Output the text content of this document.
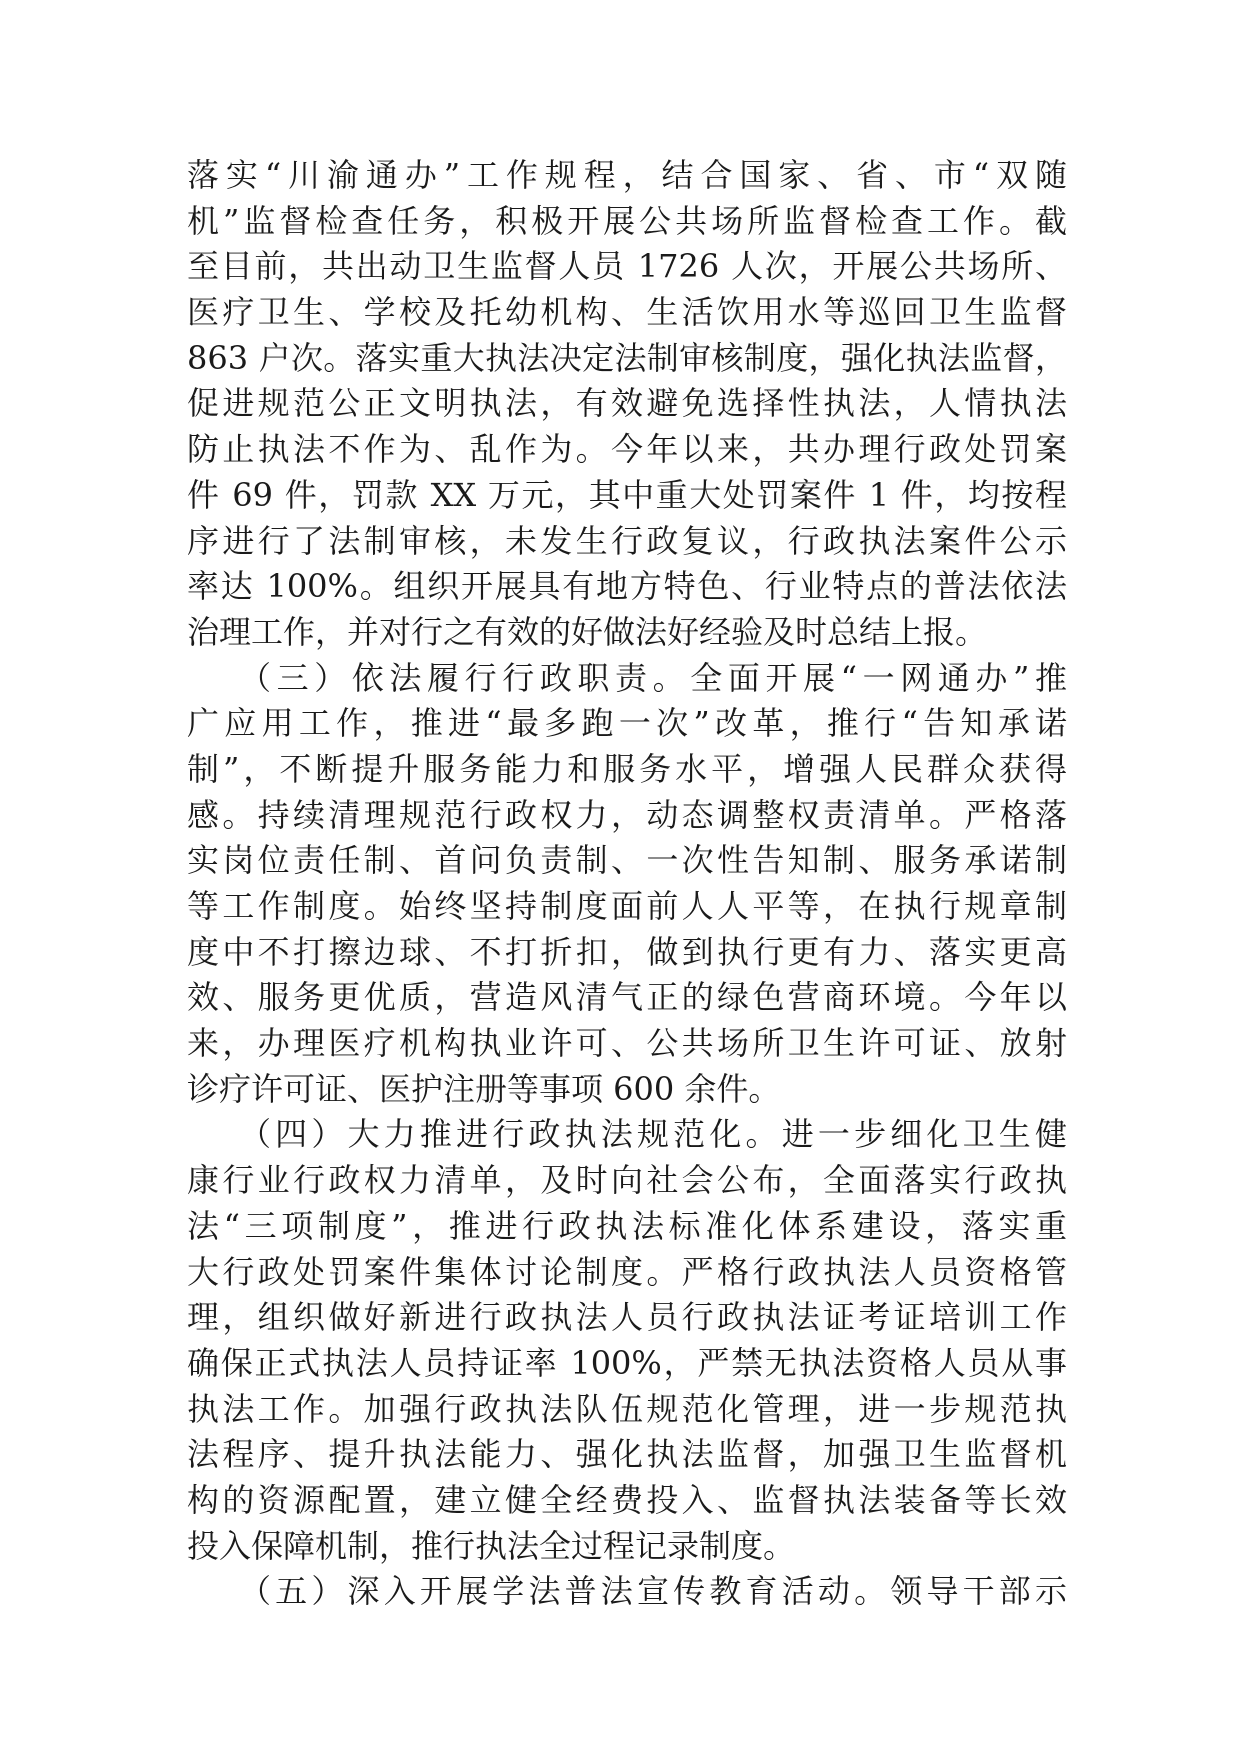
落实“川渝通办”工作规程，结合国家、省、市“双随
机”监督检查任务，积极开展公共场所监督检查工作。截
至目前，共出动卫生监督人员 1726 人次，开展公共场所、
医疗卫生、学校及托幼机构、生活饮用水等巡回卫生监督
863 户次。落实重大执法决定法制审核制度，强化执法监督，
促进规范公正文明执法，有效避免选择性执法，人情执法
防止执法不作为、乱作为。今年以来，共办理行政处罚案
件 69 件，罚款 XX 万元，其中重大处罚案件 1 件，均按程
序进行了法制审核，未发生行政复议，行政执法案件公示
率达 100%。组织开展具有地方特色、行业特点的普法依法
治理工作，并对行之有效的好做法好经验及时总结上报。
（三）依法履行行政职责。全面开展“一网通办”推
广应用工作，推进“最多跑一次”改革，推行“告知承诺
制”，不断提升服务能力和服务水平，增强人民群众获得
感。持续清理规范行政权力，动态调整权责清单。严格落
实岗位责任制、首问负责制、一次性告知制、服务承诺制
等工作制度。始终坚持制度面前人人平等，在执行规章制
度中不打擦边球、不打折扣，做到执行更有力、落实更高
效、服务更优质，营造风清气正的绿色营商环境。今年以
来，办理医疗机构执业许可、公共场所卫生许可证、放射
诊疗许可证、医护注册等事项 600 余件。
（四）大力推进行政执法规范化。进一步细化卫生健
康行业行政权力清单，及时向社会公布，全面落实行政执
法“三项制度”，推进行政执法标准化体系建设，落实重
大行政处罚案件集体讨论制度。严格行政执法人员资格管
理，组织做好新进行政执法人员行政执法证考证培训工作
确保正式执法人员持证率 100%，严禁无执法资格人员从事
执法工作。加强行政执法队伍规范化管理，进一步规范执
法程序、提升执法能力、强化执法监督，加强卫生监督机
构的资源配置，建立健全经费投入、监督执法装备等长效
投入保障机制，推行执法全过程记录制度。
（五）深入开展学法普法宣传教育活动。领导干部示
